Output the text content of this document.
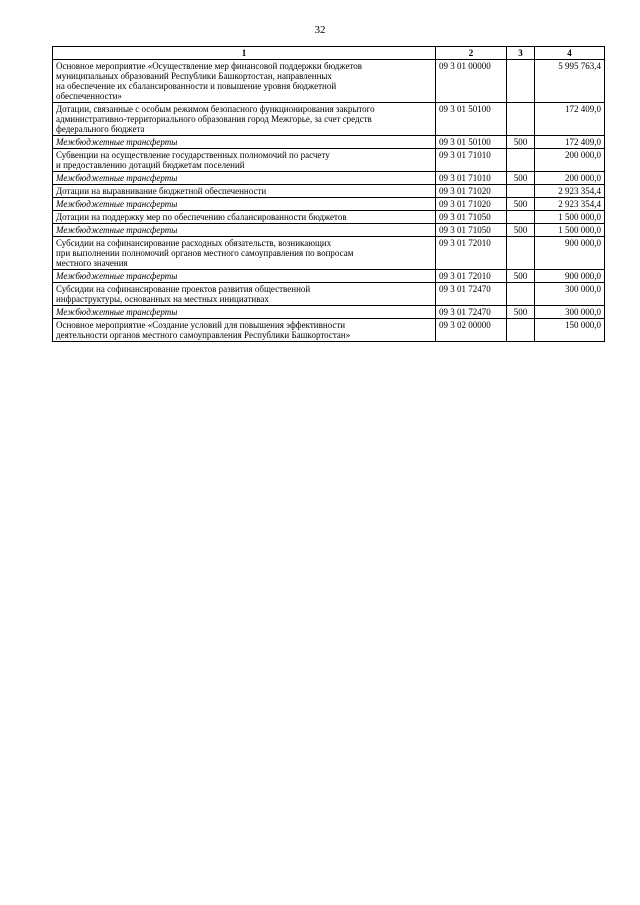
32
1	2	3	4
Основное мероприятие «Осуществление мер финансовой поддержки бюджетов
муниципальных образований Республики Башкортостан, направленных
на обеспечение их сбалансированности и повышение уровня бюджетной
обеспеченности»	09 3 01 00000		5 995 763,4
Дотации, связанные с особым режимом безопасного функционирования закрытого
административно-территориального образования город Межгорье, за счет средств
федерального бюджета	09 3 01 50100		172 409,0
Межбюджетные трансферты	09 3 01 50100	500	172 409,0
Субвенции на осуществление государственных полномочий по расчету
и предоставлению дотаций бюджетам поселений	09 3 01 71010		200 000,0
Межбюджетные трансферты	09 3 01 71010	500	200 000,0
Дотации на выравнивание бюджетной обеспеченности	09 3 01 71020		2 923 354,4
Межбюджетные трансферты	09 3 01 71020	500	2 923 354,4
Дотации на поддержку мер по обеспечению сбалансированности бюджетов	09 3 01 71050		1 500 000,0
Межбюджетные трансферты	09 3 01 71050	500	1 500 000,0
Субсидии на софинансирование расходных обязательств, возникающих
при выполнении полномочий органов местного самоуправления по вопросам
местного значения	09 3 01 72010		900 000,0
Межбюджетные трансферты	09 3 01 72010	500	900 000,0
Субсидии на софинансирование проектов развития общественной
инфраструктуры, основанных на местных инициативах	09 3 01 72470		300 000,0
Межбюджетные трансферты	09 3 01 72470	500	300 000,0
Основное мероприятие «Создание условий для повышения эффективности
деятельности органов местного самоуправления Республики Башкортостан»	09 3 02 00000		150 000,0
